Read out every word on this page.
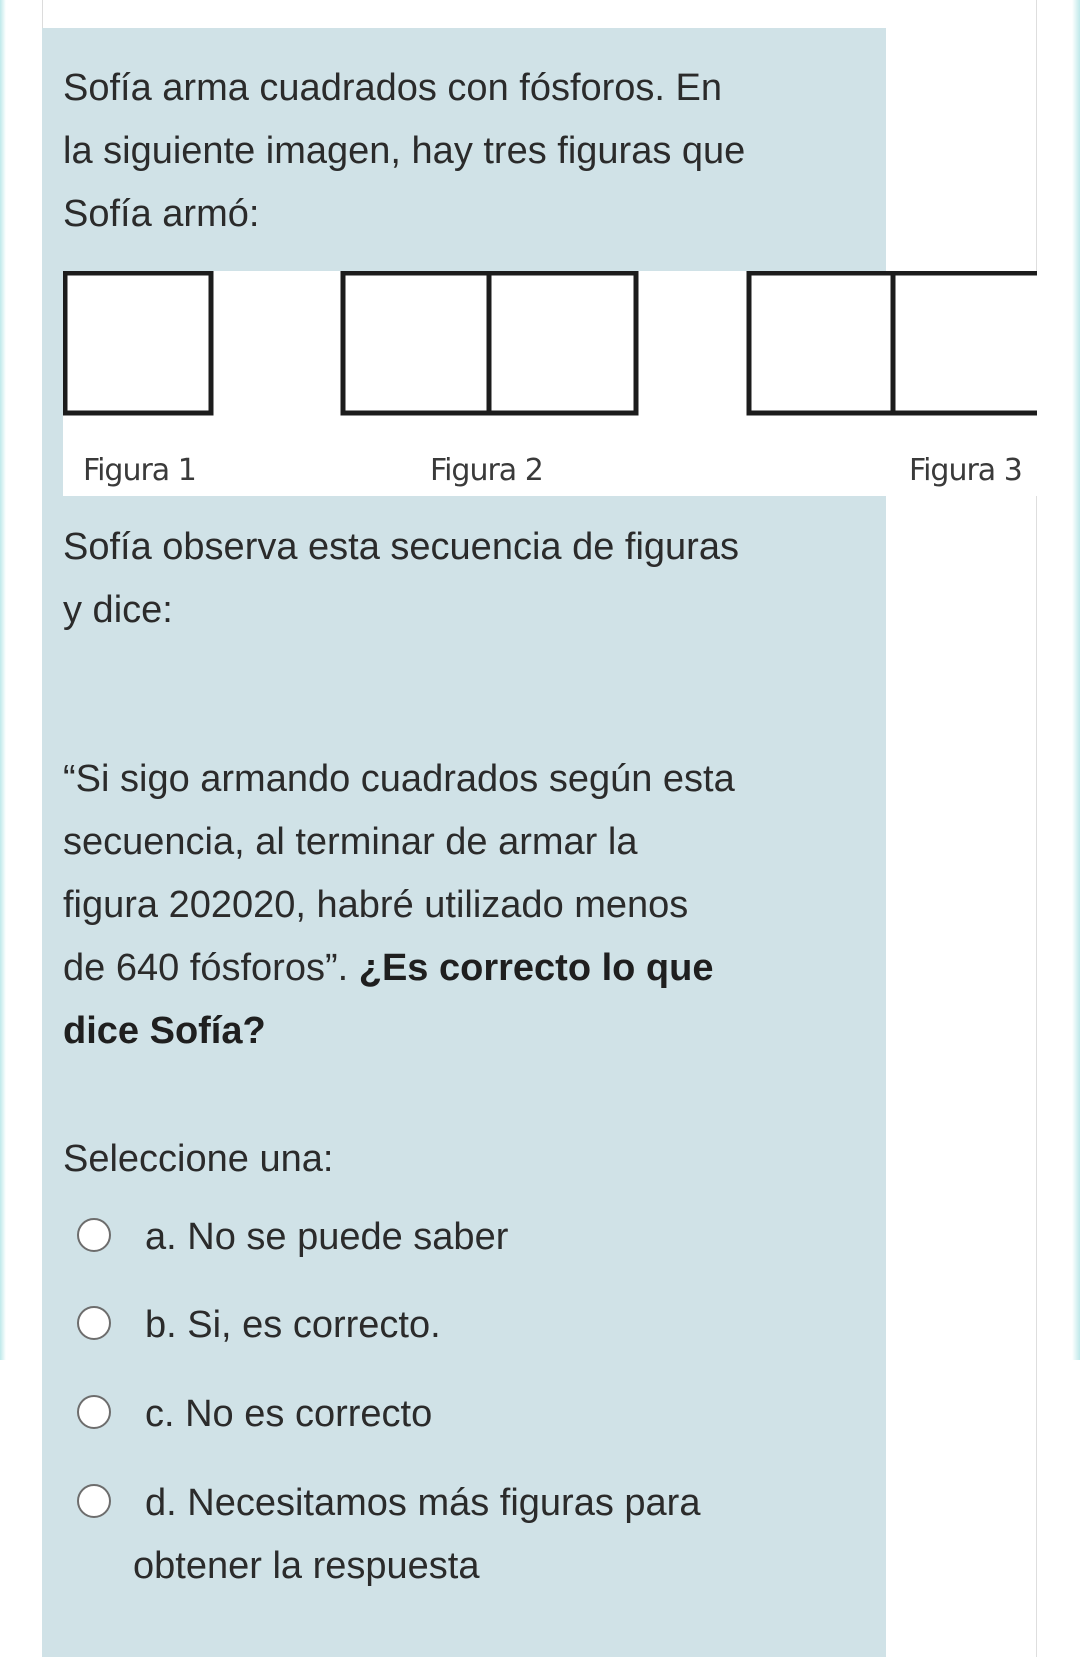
Sofía arma cuadrados con fósforos. En

la siguiente imagen, hay tres figuras que

Sofía armó:

Figura 1	Figura 2	Figura 3

Sofía observa esta secuencia de figuras

y dice:

“Si sigo armando cuadrados según esta

secuencia, al terminar de armar la

figura 202020, habré utilizado menos

de 640 fósforos”. ¿Es correcto lo que

dice Sofía?

Seleccione una:

a. No se puede saber
b. Si, es correcto.
c. No es correcto
d. Necesitamos más figuras para
obtener la respuesta
